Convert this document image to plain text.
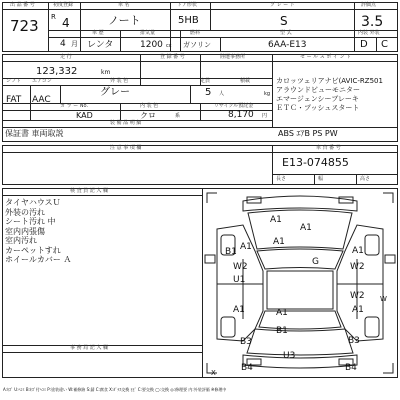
出 品 番 号
723
初度登録
R 4
4 月
車 名
ノート
ドア形状
5HB
グ レ ー ド
S
評価点
3.5
車 歴
レンタ
排気量
1200 cc
燃料
ガソリン
型 式
6AA-E13
内装 外装
D C
走 行
123,332	km
登 録 番 号	陸運事務所	セ ー ル ス ポ イ ン ト
シフト エアコン	外 装 色	定員	積載
FAT AAC
グレー	5 人	kg
カ ラ ー No.	内 装 色	リサイクル預託金
KAD	クロ	系	8,170 円
装 備 品 明 細
保証書 車両取説	ABS ｴｱB PS PW
カロッツェリアナビ(AVIC-RZ501
アラウンドビューモニター
エマージェンシーブレーキ
ＥＴＣ・プッシュスタート
注 意 事 項 欄	車 台 番 号
E13-074855
長さ	幅	高さ
検 査 員 記 入 欄
タイヤハウスＵ
外装の汚れ
シート汚れ 中
室内内張傷
室内汚れ
カーペットすれ
ホイールカバー Ａ
事 務 局 記 入 欄
A1
A1
A1
B1
A1
W2
U1
G
A1
W2
W2
A1
A1	A1
B1
B3	B3
U3
B4	B4
W
X
A:ｷｽﾞ U:ﾍｺﾐ B:ｷｽﾞ付ﾍｺﾐ P:塗装違い W:補修跡 S:錆 C:腐食 X:ｶﾞﾗｽ交換 ﾋﾋﾞ C:要交換 ◯:交換 ◎:修理要 内:外装評価 ※修理中
